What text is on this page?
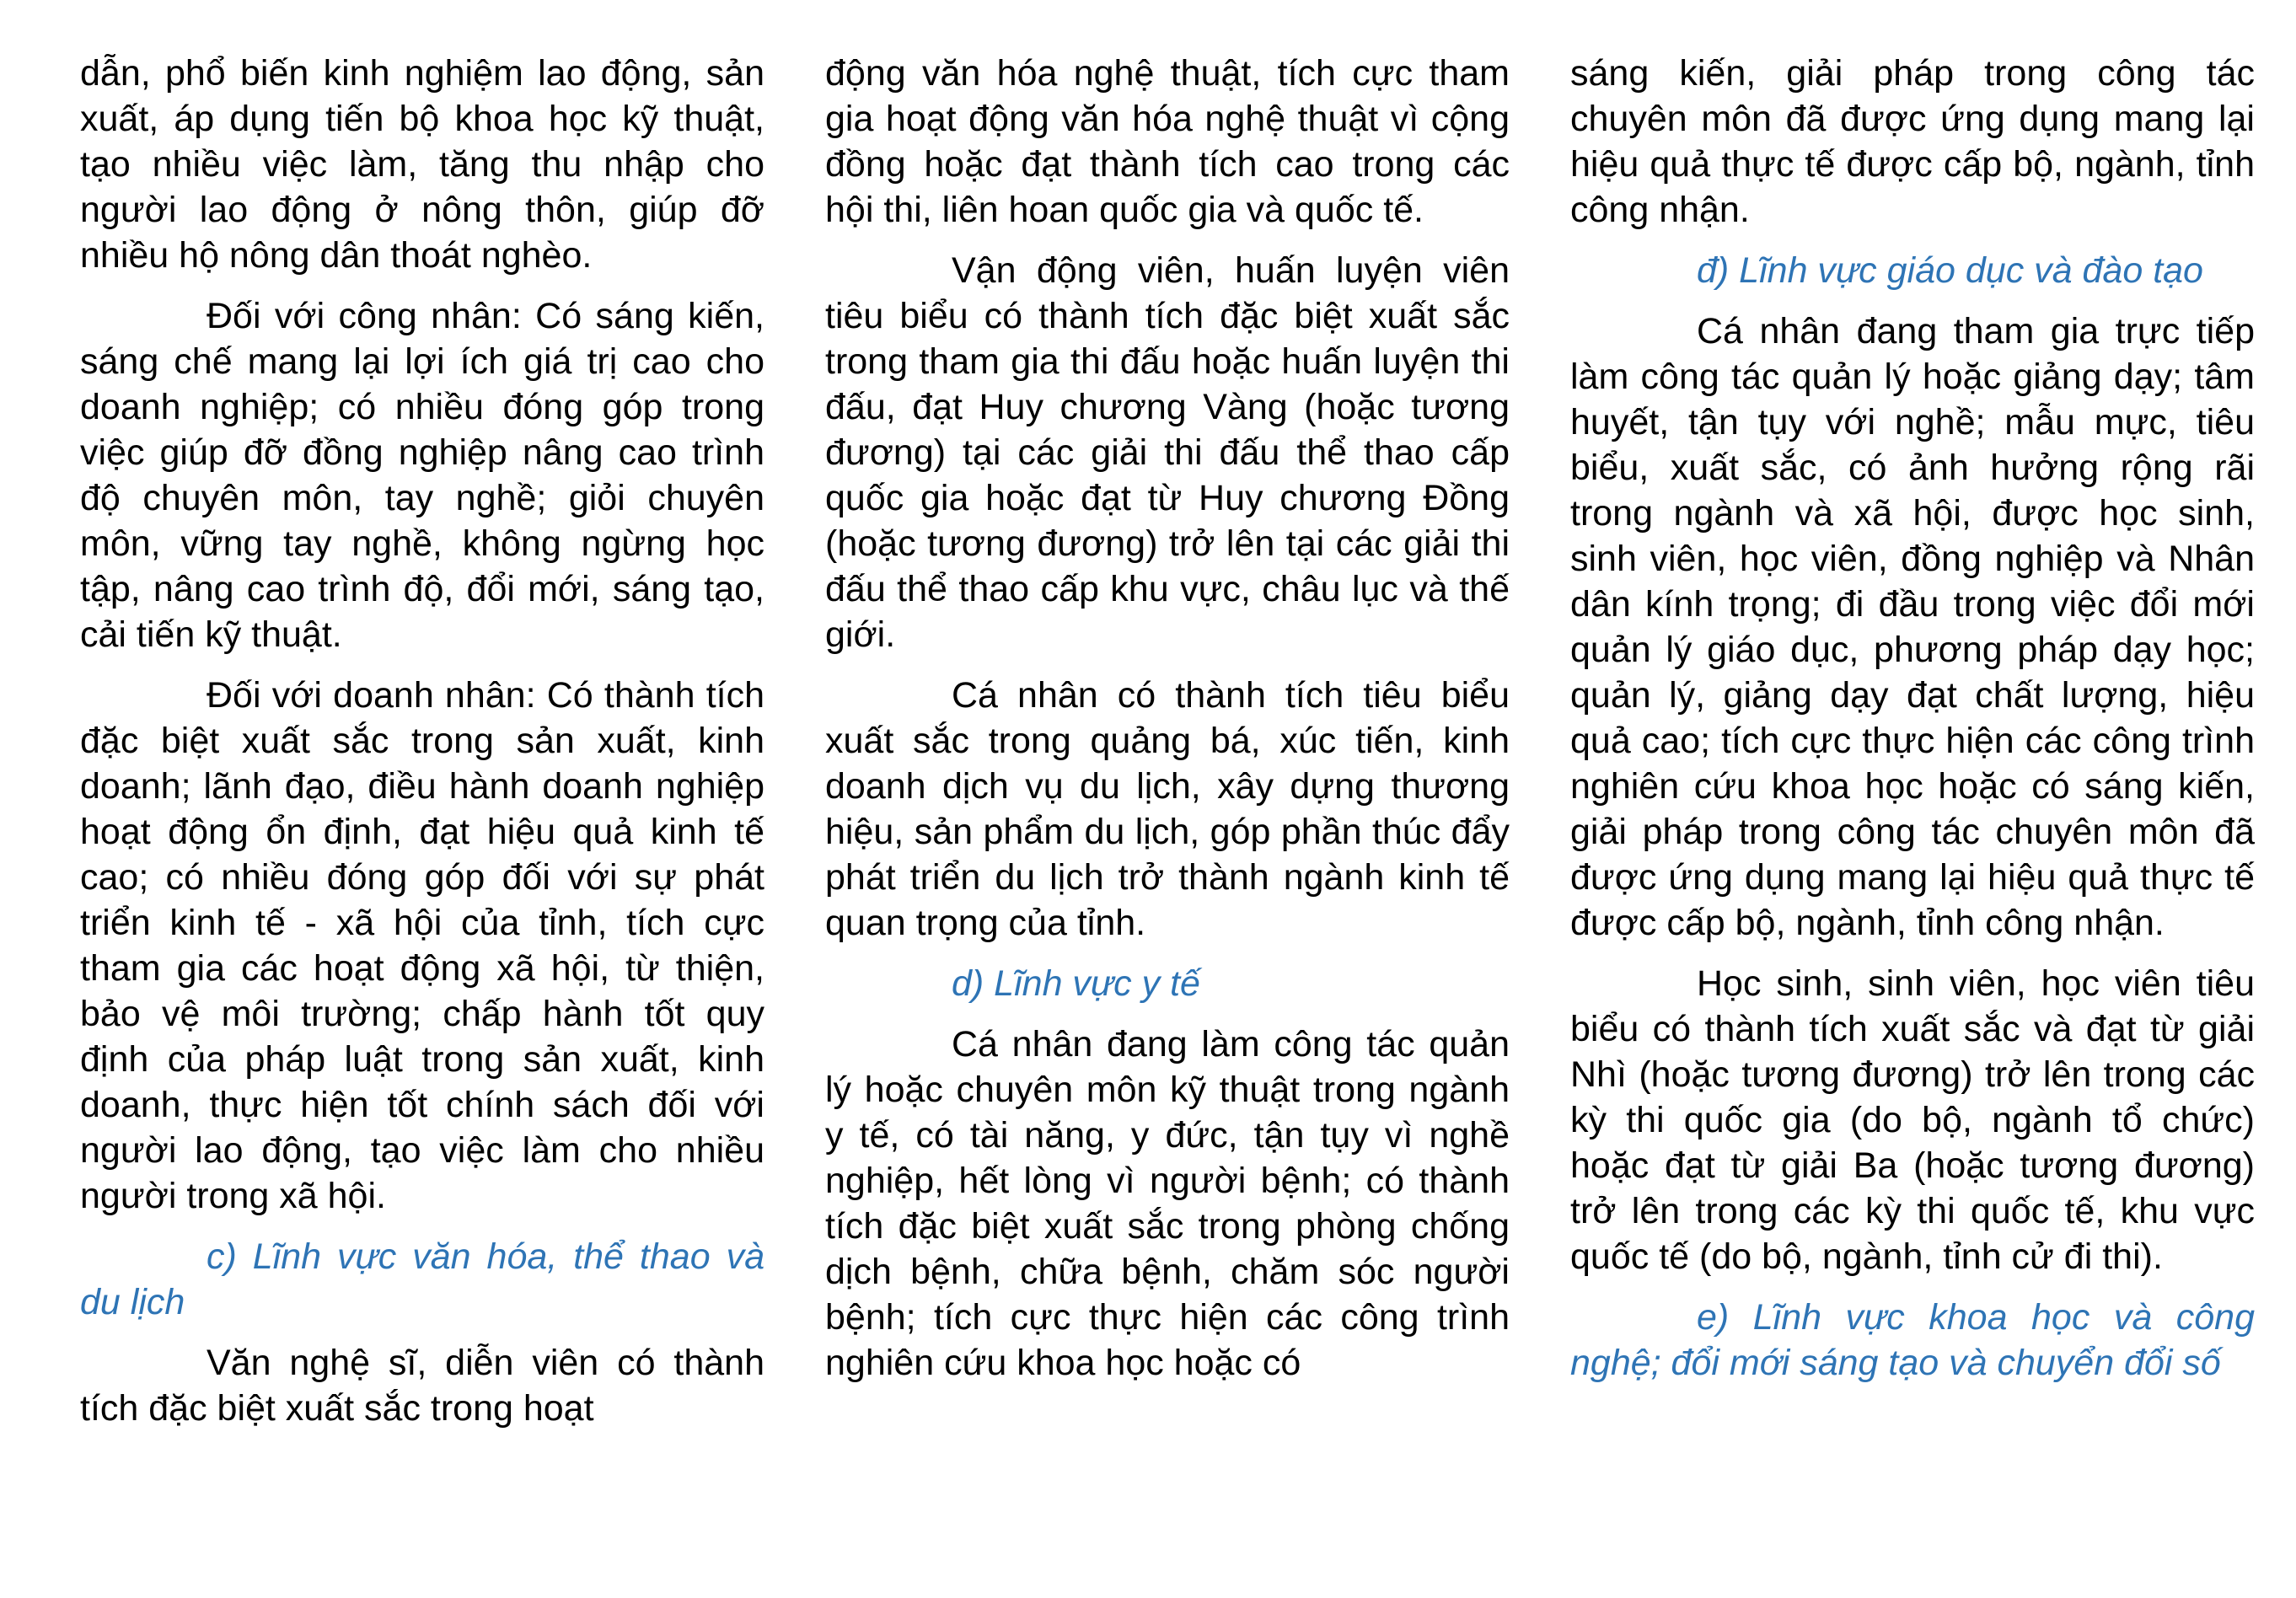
dẫn, phổ biến kinh nghiệm lao động, sản xuất, áp dụng tiến bộ khoa học kỹ thuật, tạo nhiều việc làm, tăng thu nhập cho người lao động ở nông thôn, giúp đỡ nhiều hộ nông dân thoát nghèo.

Đối với công nhân: Có sáng kiến, sáng chế mang lại lợi ích giá trị cao cho doanh nghiệp; có nhiều đóng góp trong việc giúp đỡ đồng nghiệp nâng cao trình độ chuyên môn, tay nghề; giỏi chuyên môn, vững tay nghề, không ngừng học tập, nâng cao trình độ, đổi mới, sáng tạo, cải tiến kỹ thuật.

Đối với doanh nhân: Có thành tích đặc biệt xuất sắc trong sản xuất, kinh doanh; lãnh đạo, điều hành doanh nghiệp hoạt động ổn định, đạt hiệu quả kinh tế cao; có nhiều đóng góp đối với sự phát triển kinh tế - xã hội của tỉnh, tích cực tham gia các hoạt động xã hội, từ thiện, bảo vệ môi trường; chấp hành tốt quy định của pháp luật trong sản xuất, kinh doanh, thực hiện tốt chính sách đối với người lao động, tạo việc làm cho nhiều người trong xã hội.

c) Lĩnh vực văn hóa, thể thao và du lịch

Văn nghệ sĩ, diễn viên có thành tích đặc biệt xuất sắc trong hoạt

động văn hóa nghệ thuật, tích cực tham gia hoạt động văn hóa nghệ thuật vì cộng đồng hoặc đạt thành tích cao trong các hội thi, liên hoan quốc gia và quốc tế.

Vận động viên, huấn luyện viên tiêu biểu có thành tích đặc biệt xuất sắc trong tham gia thi đấu hoặc huấn luyện thi đấu, đạt Huy chương Vàng (hoặc tương đương) tại các giải thi đấu thể thao cấp quốc gia hoặc đạt từ Huy chương Đồng (hoặc tương đương) trở lên tại các giải thi đấu thể thao cấp khu vực, châu lục và thế giới.

Cá nhân có thành tích tiêu biểu xuất sắc trong quảng bá, xúc tiến, kinh doanh dịch vụ du lịch, xây dựng thương hiệu, sản phẩm du lịch, góp phần thúc đẩy phát triển du lịch trở thành ngành kinh tế quan trọng của tỉnh.

d) Lĩnh vực y tế

Cá nhân đang làm công tác quản lý hoặc chuyên môn kỹ thuật trong ngành y tế, có tài năng, y đức, tận tụy vì nghề nghiệp, hết lòng vì người bệnh; có thành tích đặc biệt xuất sắc trong phòng chống dịch bệnh, chữa bệnh, chăm sóc người bệnh; tích cực thực hiện các công trình nghiên cứu khoa học hoặc có

sáng kiến, giải pháp trong công tác chuyên môn đã được ứng dụng mang lại hiệu quả thực tế được cấp bộ, ngành, tỉnh công nhận.

đ) Lĩnh vực giáo dục và đào tạo

Cá nhân đang tham gia trực tiếp làm công tác quản lý hoặc giảng dạy; tâm huyết, tận tụy với nghề; mẫu mực, tiêu biểu, xuất sắc, có ảnh hưởng rộng rãi trong ngành và xã hội, được học sinh, sinh viên, học viên, đồng nghiệp và Nhân dân kính trọng; đi đầu trong việc đổi mới quản lý giáo dục, phương pháp dạy học; quản lý, giảng dạy đạt chất lượng, hiệu quả cao; tích cực thực hiện các công trình nghiên cứu khoa học hoặc có sáng kiến, giải pháp trong công tác chuyên môn đã được ứng dụng mang lại hiệu quả thực tế được cấp bộ, ngành, tỉnh công nhận.

Học sinh, sinh viên, học viên tiêu biểu có thành tích xuất sắc và đạt từ giải Nhì (hoặc tương đương) trở lên trong các kỳ thi quốc gia (do bộ, ngành tổ chức) hoặc đạt từ giải Ba (hoặc tương đương) trở lên trong các kỳ thi quốc tế, khu vực quốc tế (do bộ, ngành, tỉnh cử đi thi).

e) Lĩnh vực khoa học và công nghệ; đổi mới sáng tạo và chuyển đổi số
